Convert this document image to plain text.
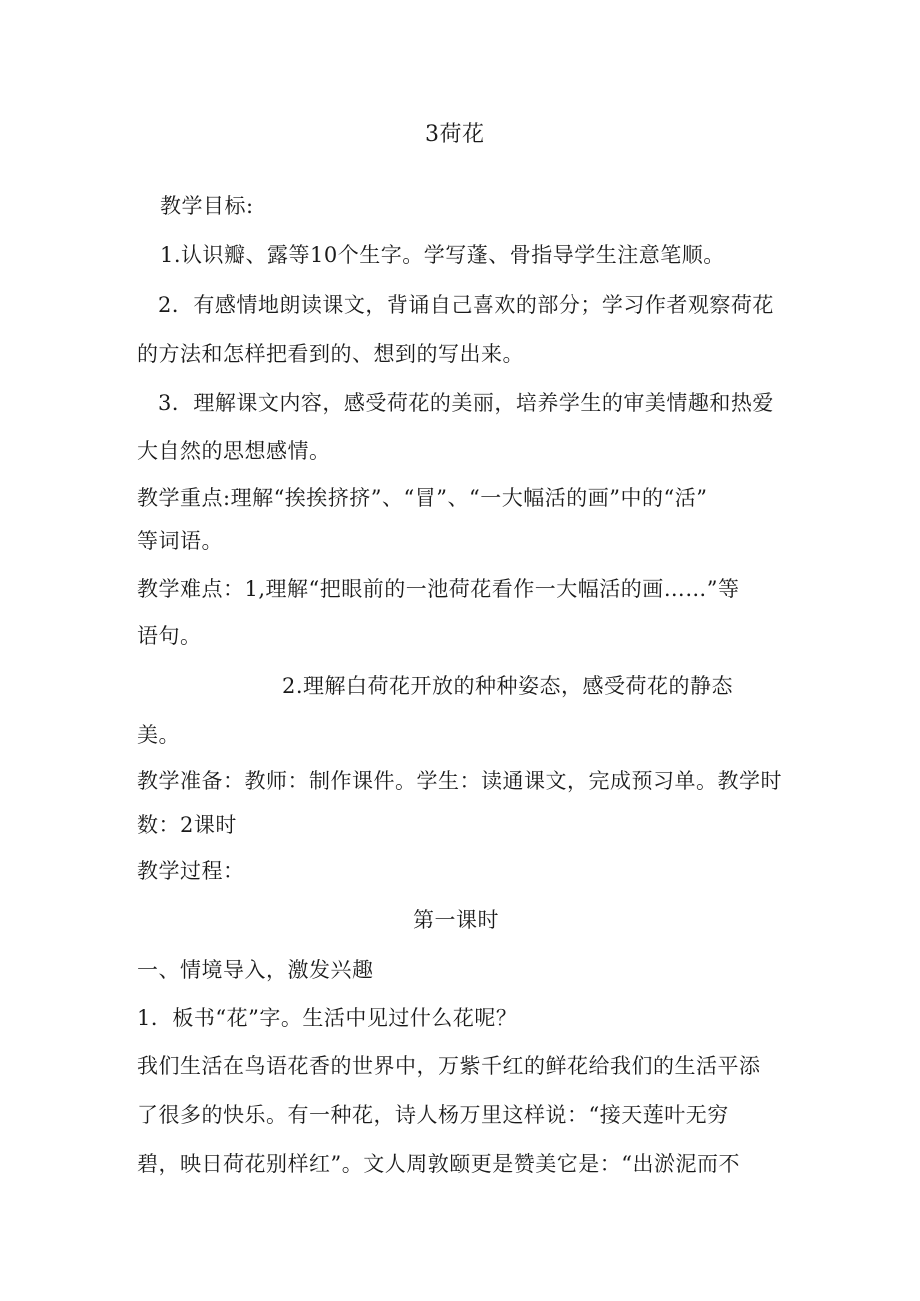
3荷花
教学目标:
1.认识瓣、露等10个生字。学写蓬、骨指导学生注意笔顺。
2．有感情地朗读课文，背诵自己喜欢的部分；学习作者观察荷花
的方法和怎样把看到的、想到的写出来。
3．理解课文内容，感受荷花的美丽，培养学生的审美情趣和热爱
大自然的思想感情。
教学重点:理解“挨挨挤挤”、“冒”、“一大幅活的画”中的“活”
等词语。
教学难点：1,理解“把眼前的一池荷花看作一大幅活的画……”等
语句。
2.理解白荷花开放的种种姿态，感受荷花的静态
美。
教学准备：教师：制作课件。学生：读通课文，完成预习单。教学时
数：2课时
教学过程：
第一课时
一、情境导入，激发兴趣
1．板书“花”字。生活中见过什么花呢？
我们生活在鸟语花香的世界中，万紫千红的鲜花给我们的生活平添
了很多的快乐。有一种花，诗人杨万里这样说：“接天莲叶无穷
碧，映日荷花别样红”。文人周敦颐更是赞美它是：“出淤泥而不
